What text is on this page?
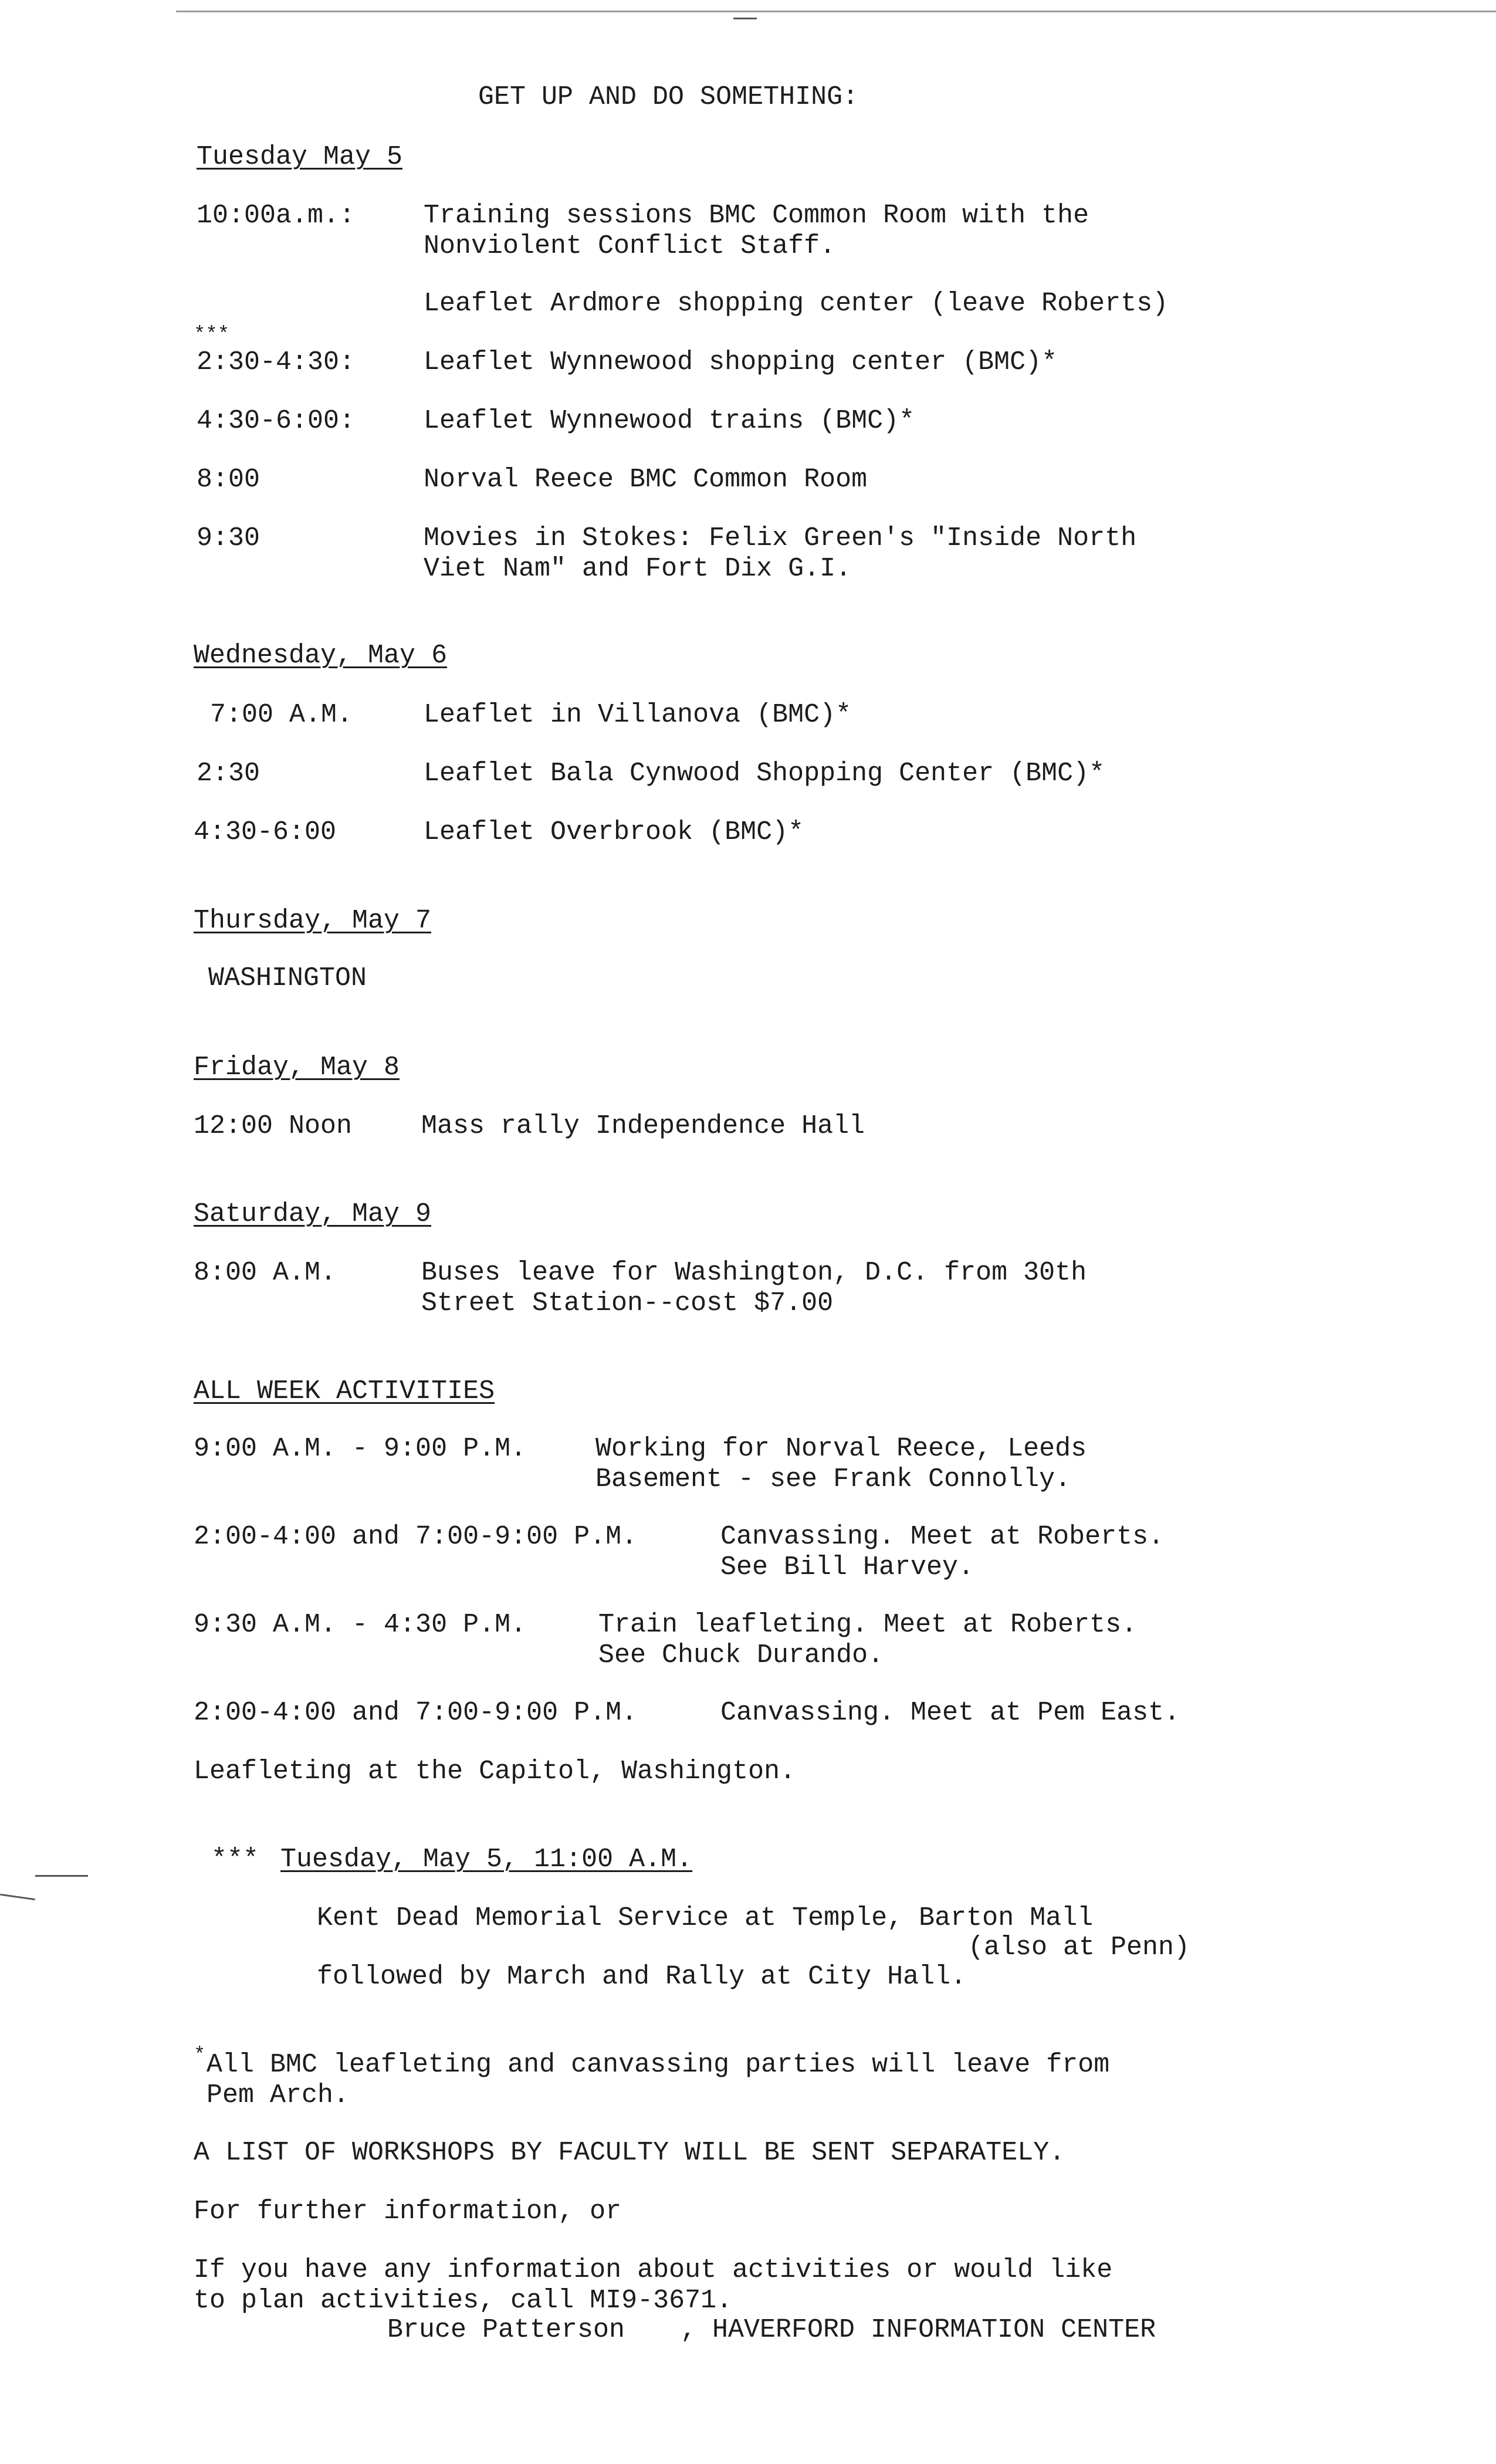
GET UP AND DO SOMETHING:
Tuesday May 5
10:00a.m.:	Training sessions BMC Common Room with the
Nonviolent Conflict Staff.
Leaflet Ardmore shopping center (leave Roberts)
***
2:30-4:30:	Leaflet Wynnewood shopping center (BMC)*
4:30-6:00:	Leaflet Wynnewood trains (BMC)*
8:00	Norval Reece BMC Common Room
9:30	Movies in Stokes: Felix Green's "Inside North
Viet Nam" and Fort Dix G.I.
Wednesday, May 6
7:00 A.M.	Leaflet in Villanova (BMC)*
2:30	Leaflet Bala Cynwood Shopping Center (BMC)*
4:30-6:00	Leaflet Overbrook (BMC)*
Thursday, May 7
WASHINGTON
Friday, May 8
12:00 Noon	Mass rally Independence Hall
Saturday, May 9
8:00 A.M.	Buses leave for Washington, D.C. from 30th
Street Station--cost $7.00
ALL WEEK ACTIVITIES
9:00 A.M. - 9:00 P.M.	Working for Norval Reece, Leeds
Basement - see Frank Connolly.
2:00-4:00 and 7:00-9:00 P.M.	Canvassing. Meet at Roberts.
See Bill Harvey.
9:30 A.M. - 4:30 P.M.	Train leafleting. Meet at Roberts.
See Chuck Durando.
2:00-4:00 and 7:00-9:00 P.M.	Canvassing. Meet at Pem East.
Leafleting at the Capitol, Washington.
*** Tuesday, May 5, 11:00 A.M.
Kent Dead Memorial Service at Temple, Barton Mall
(also at Penn)
followed by March and Rally at City Hall.
* All BMC leafleting and canvassing parties will leave from
Pem Arch.
A LIST OF WORKSHOPS BY FACULTY WILL BE SENT SEPARATELY.
For further information, or
If you have any information about activities or would like
to plan activities, call MI9-3671.
Bruce Patterson , HAVERFORD INFORMATION CENTER
